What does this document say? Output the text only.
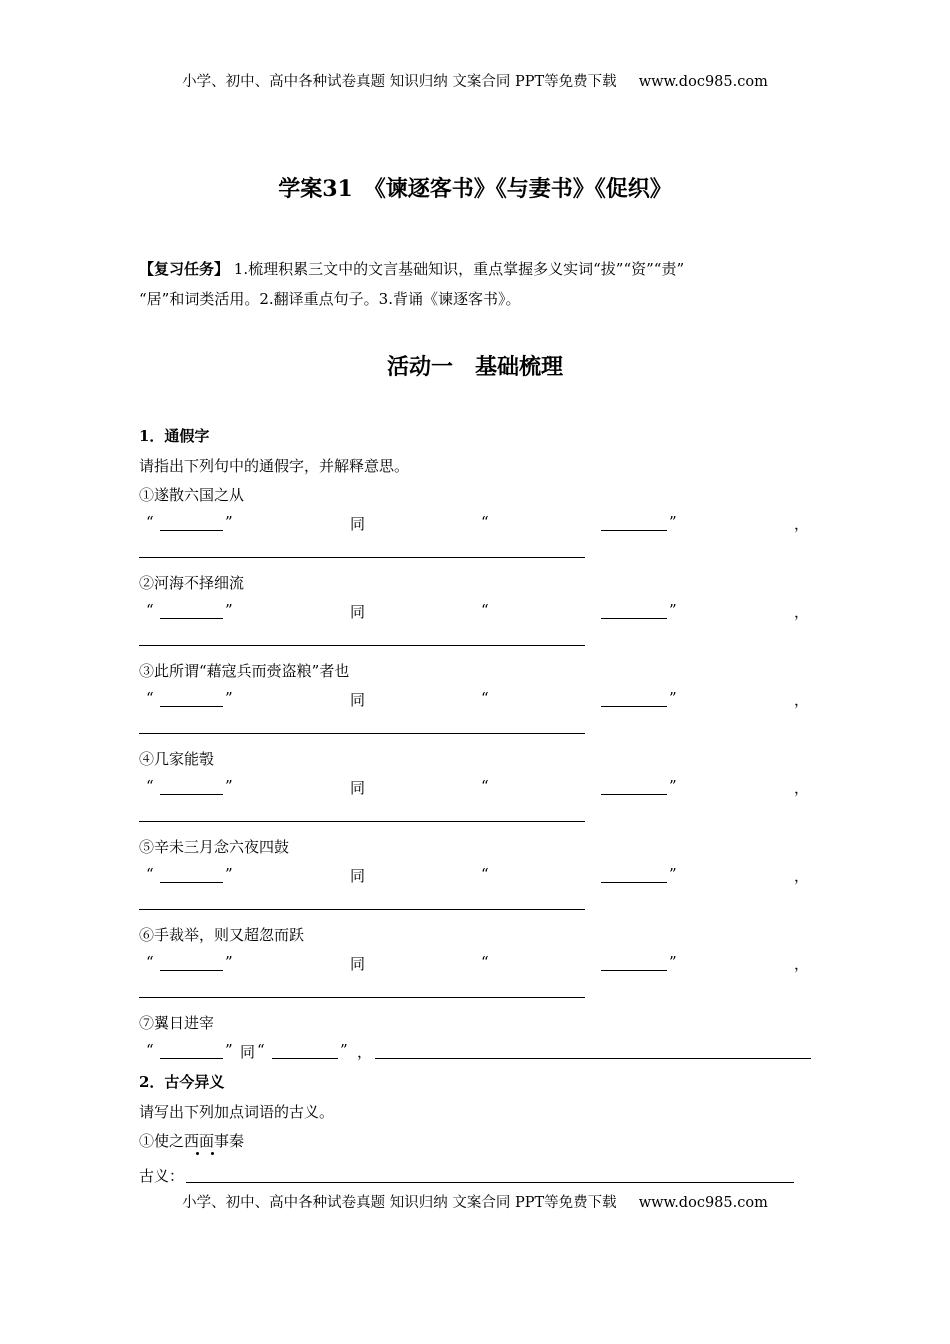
小学、初中、高中各种试卷真题 知识归纳 文案合同 PPT等免费下载 www.doc985.com
学案31　《谏逐客书》《与妻书》《促织》
【复习任务】 1.梳理积累三文中的文言基础知识，重点掌握多义实词“拔”“资”“责”
“居”和词类活用。2.翻译重点句子。3.背诵《谏逐客书》。
活动一　基础梳理
1．通假字
请指出下列句中的通假字，并解释意思。
①遂散六国之从
“	”	同	“	”	，
②河海不择细流
“	”	同	“	”	，
③此所谓“藉寇兵而赍盗粮”者也
“	”	同	“	”	，
④几家能彀
“	”	同	“	”	，
⑤辛未三月念六夜四鼓
“	”	同	“	”	，
⑥手裁举，则又超忽而跃
“	”	同	“	”	，
⑦翼日进宰
“	” 同 “	” ，
2．古今异义
请写出下列加点词语的古义。
①使之西面事秦
古义：
小学、初中、高中各种试卷真题 知识归纳 文案合同 PPT等免费下载 www.doc985.com
